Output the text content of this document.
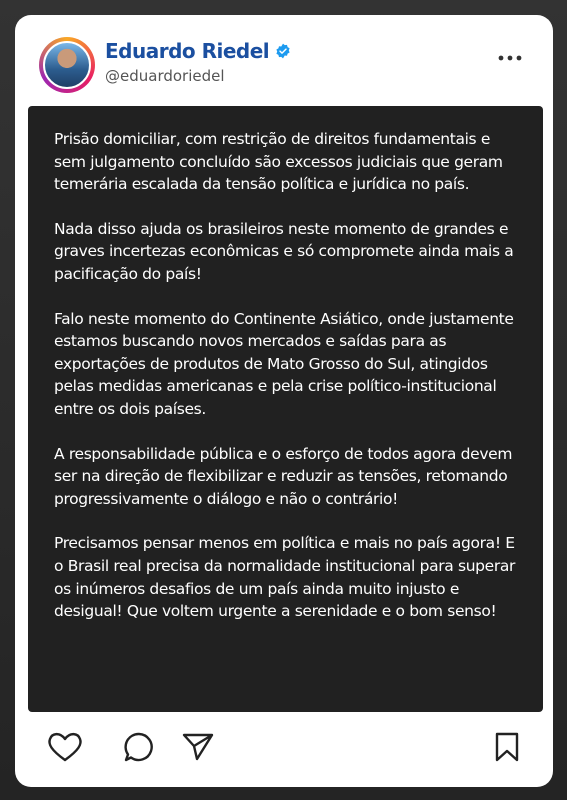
Eduardo Riedel
@eduardoriedel

Prisão domiciliar, com restrição de direitos fundamentais e sem julgamento concluído são excessos judiciais que geram temerária escalada da tensão política e jurídica no país.

Nada disso ajuda os brasileiros neste momento de grandes e graves incertezas econômicas e só compromete ainda mais a pacificação do país!

Falo neste momento do Continente Asiático, onde justamente estamos buscando novos mercados e saídas para as exportações de produtos de Mato Grosso do Sul, atingidos pelas medidas americanas e pela crise político-institucional entre os dois países.

A responsabilidade pública e o esforço de todos agora devem ser na direção de flexibilizar e reduzir as tensões, retomando progressivamente o diálogo e não o contrário!

Precisamos pensar menos em política e mais no país agora! E o Brasil real precisa da normalidade institucional para superar os inúmeros desafios de um país ainda muito injusto e desigual! Que voltem urgente a serenidade e o bom senso!
